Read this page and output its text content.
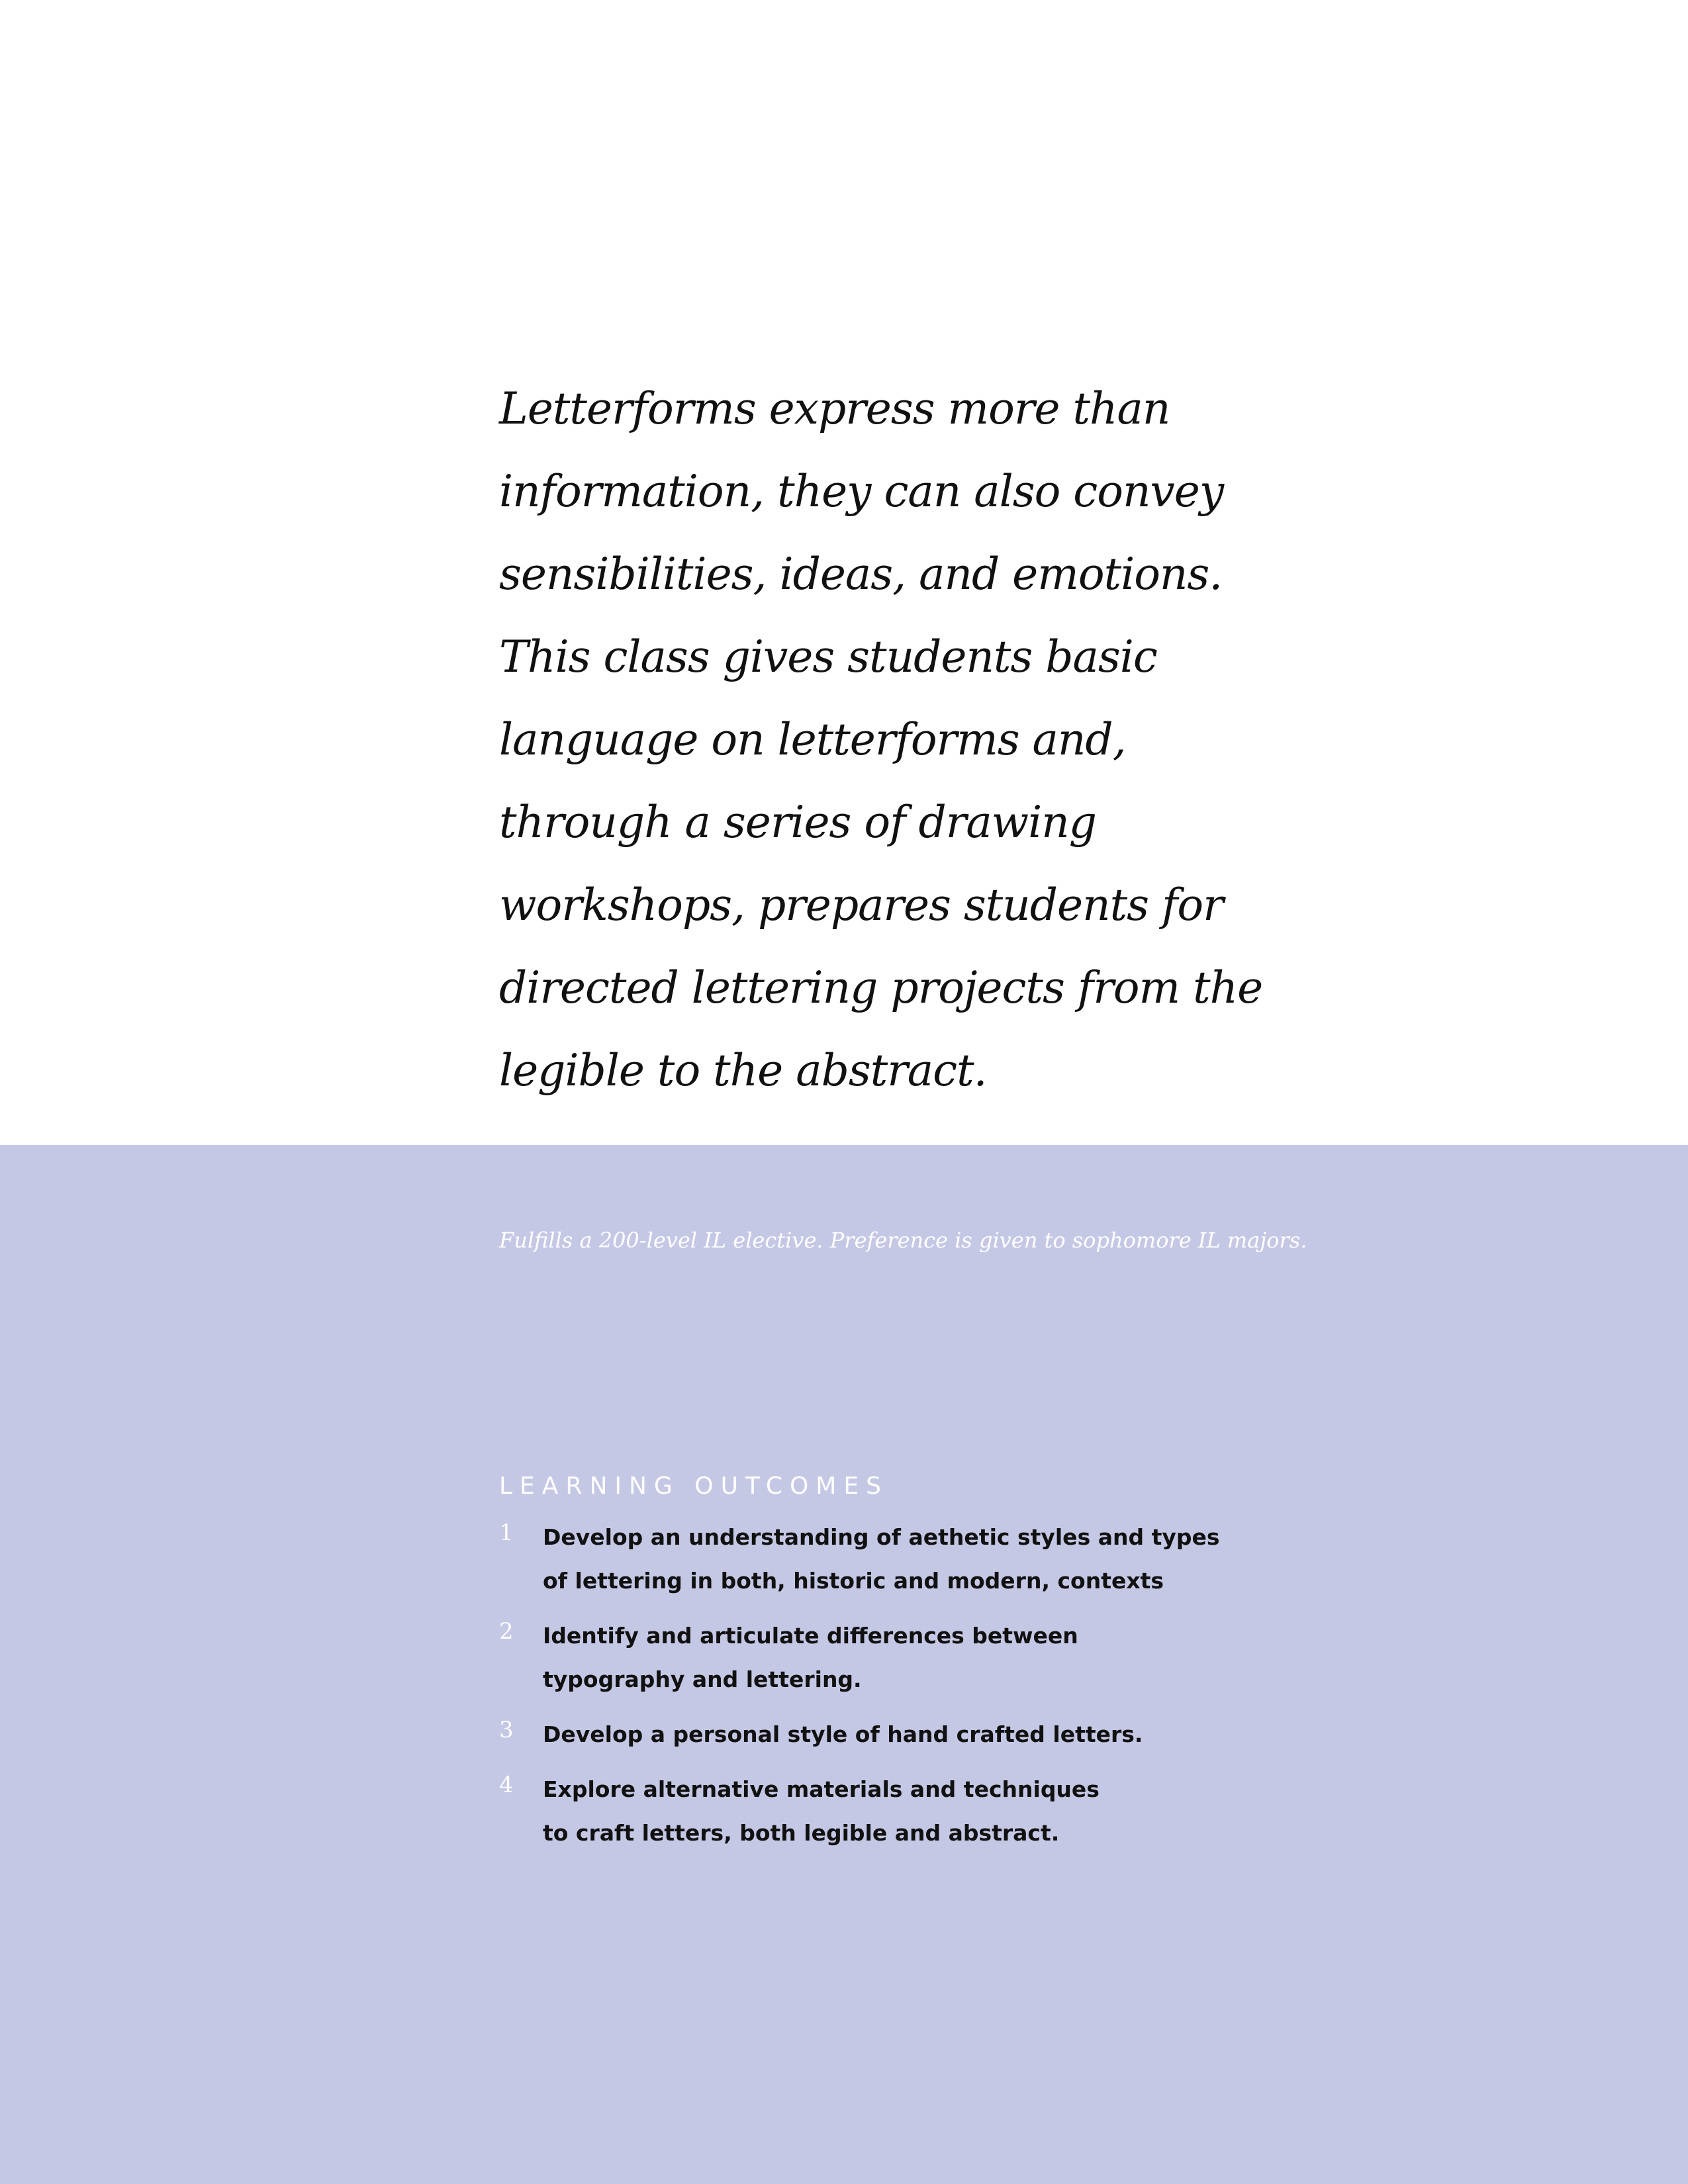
Letterforms express more than
information, they can also convey
sensibilities, ideas, and emotions.
This class gives students basic
language on letterforms and,
through a series of drawing
workshops, prepares students for
directed lettering projects from the
legible to the abstract.

Fulfills a 200-level IL elective. Preference is given to sophomore IL majors.

LEARNING OUTCOMES
1 Develop an understanding of aethetic styles and types
of lettering in both, historic and modern, contexts
2 Identify and articulate differences between
typography and lettering.
3 Develop a personal style of hand crafted letters.
4 Explore alternative materials and techniques
to craft letters, both legible and abstract.
